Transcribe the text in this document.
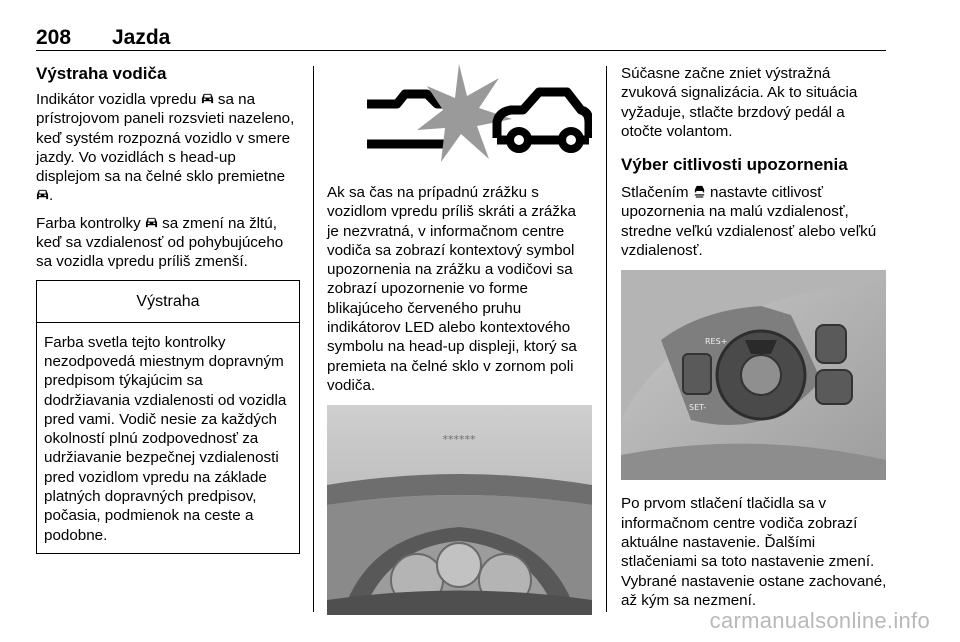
208 Jazda
Výstraha vodiča

Indikátor vozidla vpredu sa na prístrojovom paneli rozsvieti nazeleno, keď systém rozpozná vozidlo v smere jazdy. Vo vozidlách s head-up displejom sa na čelné sklo premietne .

Farba kontrolky sa zmení na žltú, keď sa vzdialenosť od pohybujúceho sa vozidla vpredu príliš zmenší.

Výstraha

Farba svetla tejto kontrolky nezodpovedá miestnym dopravným predpisom týkajúcim sa dodržiavania vzdialenosti od vozidla pred vami. Vodič nesie za každých okolností plnú zodpovednosť za udržiavanie bezpečnej vzdialenosti pred vozidlom vpredu na základe platných dopravných predpisov, počasia, podmienok na ceste a podobne.

Ak sa čas na prípadnú zrážku s vozidlom vpredu príliš skráti a zrážka je nezvratná, v informačnom centre vodiča sa zobrazí kontextový symbol upozornenia na zrážku a vodičovi sa zobrazí upozornenie vo forme blikajúceho červeného pruhu indikátorov LED alebo kontextového symbolu na head-up displeji, ktorý sa premieta na čelné sklo v zornom poli vodiča.

******

Súčasne začne zniet výstražná zvuková signalizácia. Ak to situácia vyžaduje, stlačte brzdový pedál a otočte volantom.

Výber citlivosti upozornenia

Stlačením nastavte citlivosť upozornenia na malú vzdialenosť, stredne veľkú vzdialenosť alebo veľkú vzdialenosť.

RES+
SET-

Po prvom stlačení tlačidla sa v informačnom centre vodiča zobrazí aktuálne nastavenie. Ďalšími stlačeniami sa toto nastavenie zmení. Vybrané nastavenie ostane zachované, až kým sa nezmení.

carmanualsonline.info
